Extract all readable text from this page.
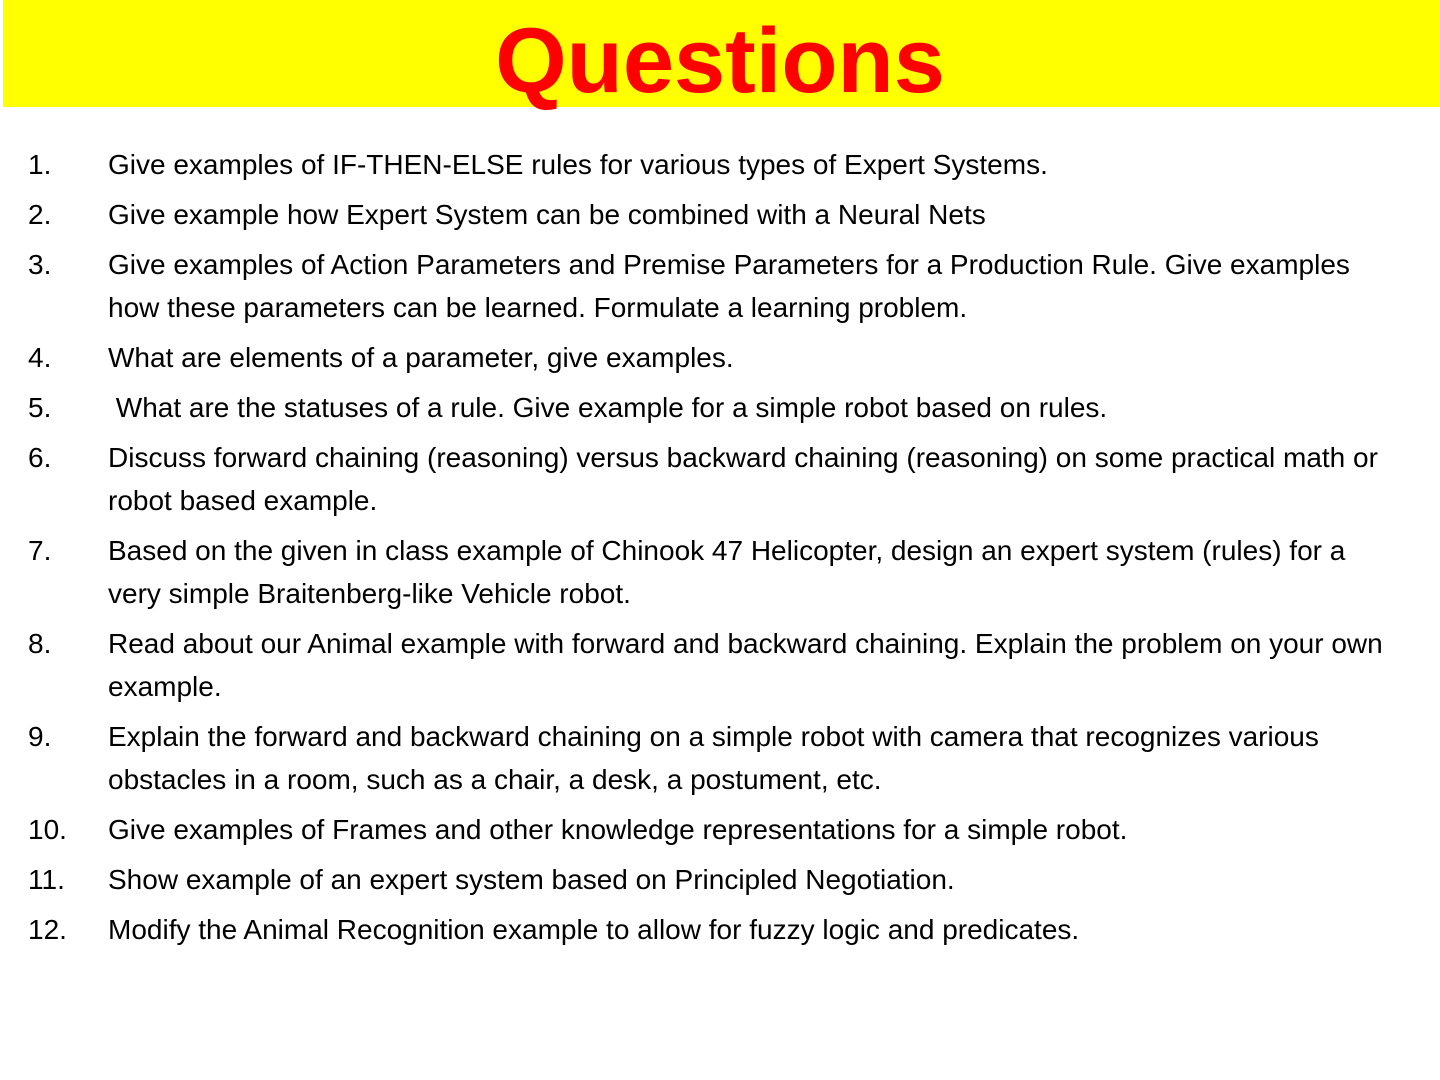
Questions
1. Give examples of IF-THEN-ELSE rules for various types of Expert Systems.
2. Give example how Expert System can be combined with a Neural Nets
3. Give examples of Action Parameters and Premise Parameters for a Production Rule. Give examples how these parameters can be learned. Formulate a learning problem.
4. What are elements of a parameter, give examples.
5. What are the statuses of a rule. Give example for a simple robot based on rules.
6. Discuss forward chaining (reasoning) versus backward chaining (reasoning) on some practical math or robot based example.
7. Based on the given in class example of Chinook 47 Helicopter, design an expert system (rules) for a very simple Braitenberg-like Vehicle robot.
8. Read about our Animal example with forward and backward chaining. Explain the problem on your own example.
9. Explain the forward and backward chaining on a simple robot with camera that recognizes various obstacles in a room, such as a chair, a desk, a postument, etc.
10. Give examples of Frames and other knowledge representations for a simple robot.
11. Show example of an expert system based on Principled Negotiation.
12. Modify the Animal Recognition example to allow for fuzzy logic and predicates.
